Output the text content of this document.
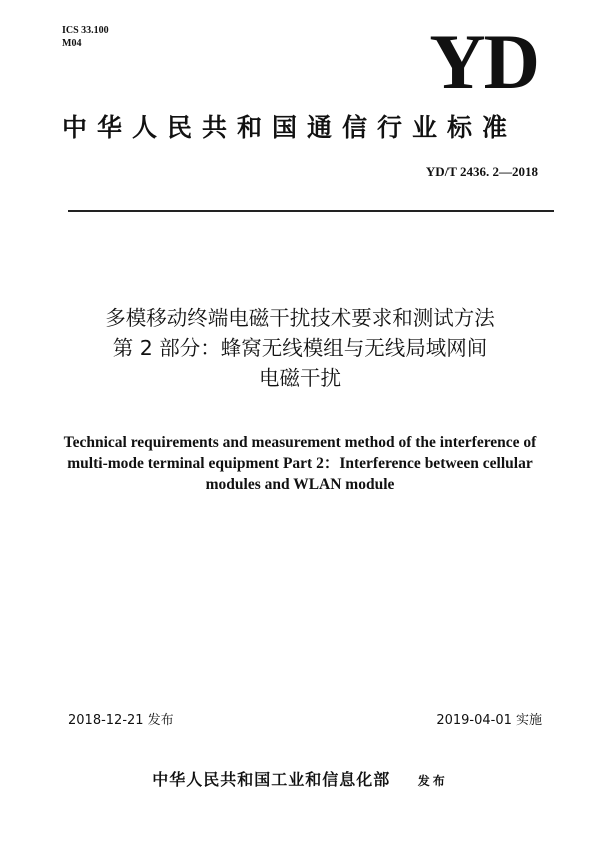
ICS 33.100
M04	YD
中华人民共和国通信行业标准
YD/T 2436. 2—2018
多模移动终端电磁干扰技术要求和测试方法
第 2 部分：蜂窝无线模组与无线局域网间
电磁干扰
Technical requirements and measurement method of the interference of
multi-mode terminal equipment Part 2：Interference between cellular
modules and WLAN module
2018-12-21 发布	2019-04-01 实施
中华人民共和国工业和信息化部 发布
